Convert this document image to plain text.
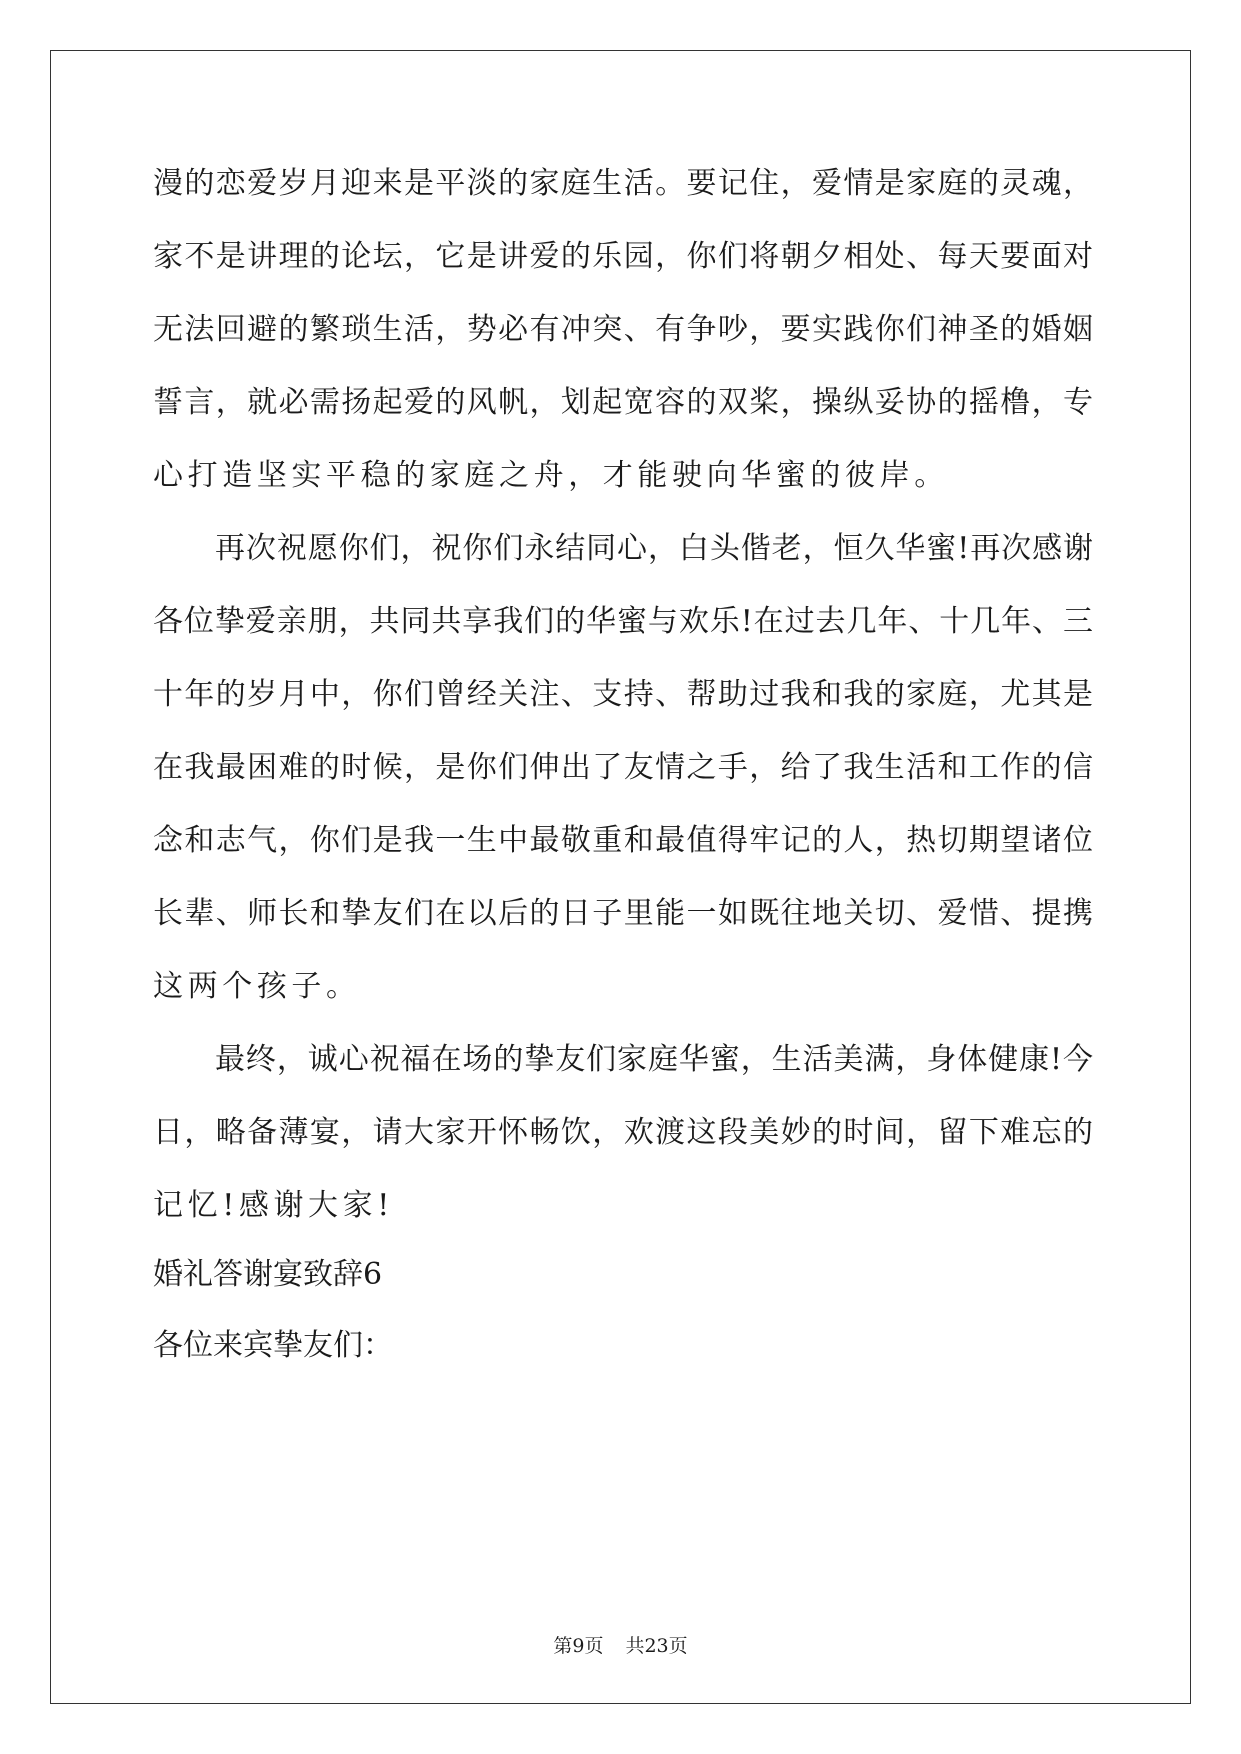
漫的恋爱岁月迎来是平淡的家庭生活。要记住，爱情是家庭的灵魂，
家不是讲理的论坛，它是讲爱的乐园，你们将朝夕相处、每天要面对
无法回避的繁琐生活，势必有冲突、有争吵，要实践你们神圣的婚姻
誓言，就必需扬起爱的风帆，划起宽容的双桨，操纵妥协的摇橹，专
心打造坚实平稳的家庭之舟，才能驶向华蜜的彼岸。
再次祝愿你们，祝你们永结同心，白头偕老，恒久华蜜!再次感谢
各位挚爱亲朋，共同共享我们的华蜜与欢乐!在过去几年、十几年、三
十年的岁月中，你们曾经关注、支持、帮助过我和我的家庭，尤其是
在我最困难的时候，是你们伸出了友情之手，给了我生活和工作的信
念和志气，你们是我一生中最敬重和最值得牢记的人，热切期望诸位
长辈、师长和挚友们在以后的日子里能一如既往地关切、爱惜、提携
这两个孩子。
最终，诚心祝福在场的挚友们家庭华蜜，生活美满，身体健康!今
日，略备薄宴，请大家开怀畅饮，欢渡这段美妙的时间，留下难忘的
记忆!感谢大家!
婚礼答谢宴致辞6
各位来宾挚友们：
第9页 共23页
